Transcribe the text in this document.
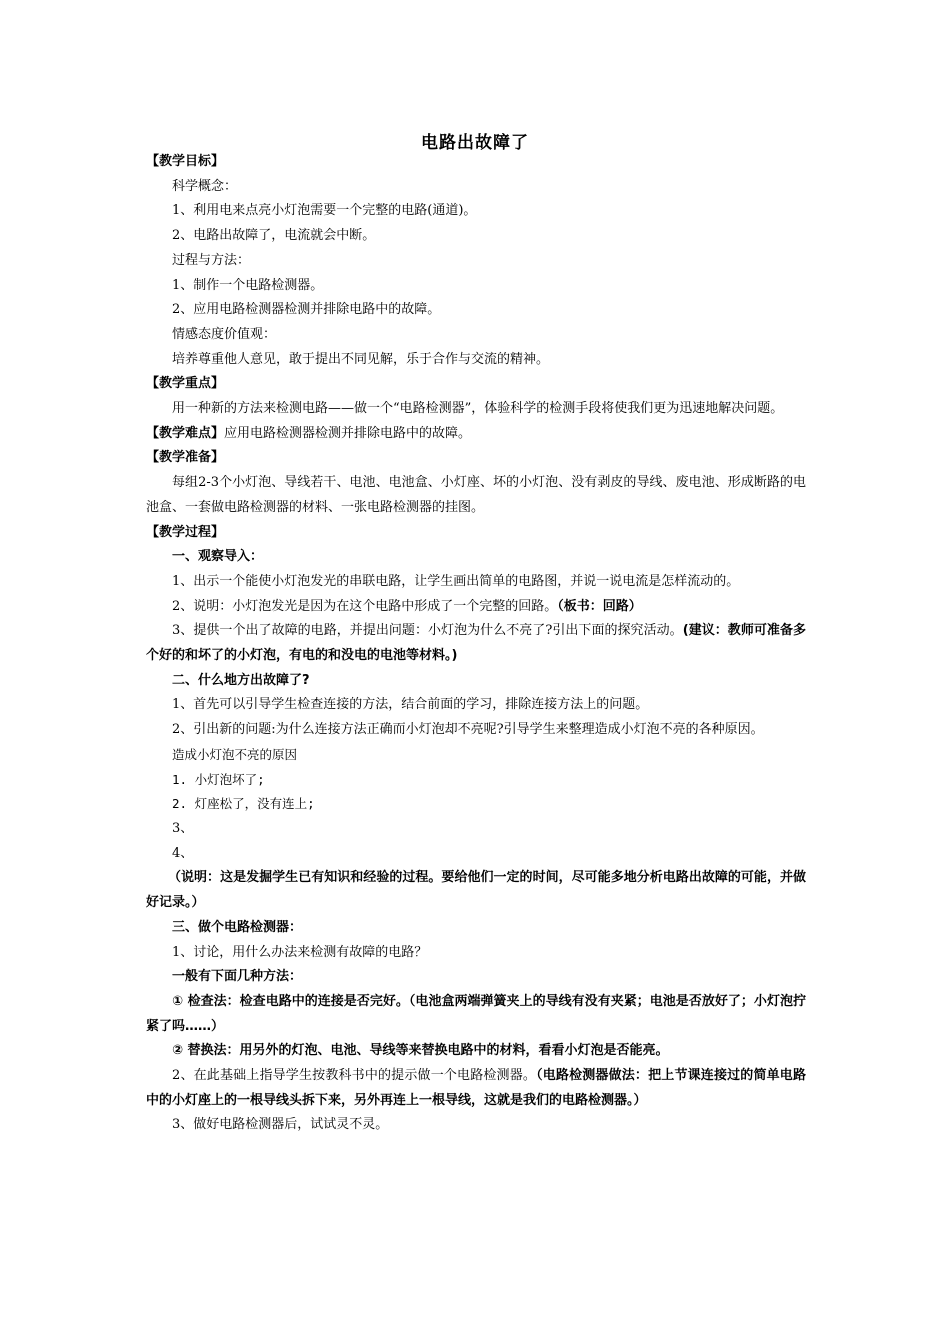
电路出故障了

【教学目标】

科学概念：

1、利用电来点亮小灯泡需要一个完整的电路(通道)。

2、电路出故障了，电流就会中断。

过程与方法：

1、制作一个电路检测器。

2、应用电路检测器检测并排除电路中的故障。

情感态度价值观：

培养尊重他人意见，敢于提出不同见解，乐于合作与交流的精神。

【教学重点】

用一种新的方法来检测电路——做一个“电路检测器”，体验科学的检测手段将使我们更为迅速地解决问题。

【教学难点】应用电路检测器检测并排除电路中的故障。

【教学准备】

每组2-3个小灯泡、导线若干、电池、电池盒、小灯座、坏的小灯泡、没有剥皮的导线、废电池、形成断路的电池盒、一套做电路检测器的材料、一张电路检测器的挂图。

【教学过程】

一、观察导入：

1、出示一个能使小灯泡发光的串联电路，让学生画出简单的电路图，并说一说电流是怎样流动的。

2、说明：小灯泡发光是因为在这个电路中形成了一个完整的回路。（板书：回路）

3、提供一个出了故障的电路，并提出问题：小灯泡为什么不亮了?引出下面的探究活动。(建议：教师可准备多个好的和坏了的小灯泡，有电的和没电的电池等材料。)

二、什么地方出故障了?

1、首先可以引导学生检查连接的方法，结合前面的学习，排除连接方法上的问题。

2、引出新的问题:为什么连接方法正确而小灯泡却不亮呢?引导学生来整理造成小灯泡不亮的各种原因。

造成小灯泡不亮的原因

1. 小灯泡坏了;

2. 灯座松了，没有连上;

3、

4、

（说明：这是发掘学生已有知识和经验的过程。要给他们一定的时间，尽可能多地分析电路出故障的可能，并做好记录。）

三、做个电路检测器：

1、讨论，用什么办法来检测有故障的电路？

一般有下面几种方法：

① 检查法：检查电路中的连接是否完好。（电池盒两端弹簧夹上的导线有没有夹紧；电池是否放好了；小灯泡拧紧了吗……）

② 替换法：用另外的灯泡、电池、导线等来替换电路中的材料，看看小灯泡是否能亮。

2、在此基础上指导学生按教科书中的提示做一个电路检测器。（电路检测器做法：把上节课连接过的简单电路中的小灯座上的一根导线头拆下来，另外再连上一根导线，这就是我们的电路检测器。）

3、做好电路检测器后，试试灵不灵。
